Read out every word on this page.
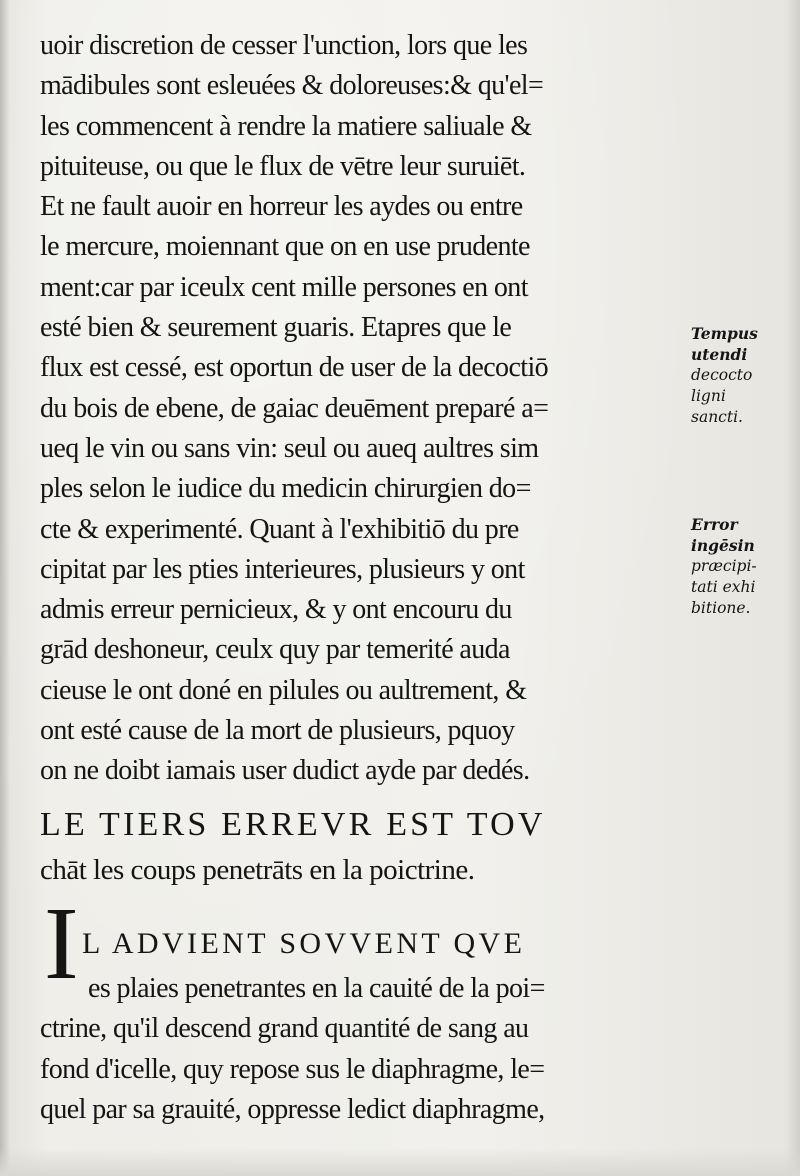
uoir discretion de cesser l'unction, lors que les
mādibules sont esleuées & doloreuses:& qu'el=
les commencent à rendre la matiere saliuale &
pituiteuse, ou que le flux de vētre leur suruiēt.
Et ne fault auoir en horreur les aydes ou entre
le mercure, moiennant que on en use prudente
ment:car par iceulx cent mille persones en ont
esté bien & seurement guaris. Etapres que le
flux est cessé, est oportun de user de la decoctiō
du bois de ebene, de gaiac deuēment preparé a=
ueq le vin ou sans vin: seul ou aueq aultres sim
ples selon le iudice du medicin chirurgien do=
cte & experimenté. Quant à l'exhibitiō du pre
cipitat par les pties interieures, plusieurs y ont
admis erreur pernicieux, & y ont encouru du
grād deshoneur, ceulx quy par temerité auda
cieuse le ont doné en pilules ou aultrement, &
ont esté cause de la mort de plusieurs, pquoy
on ne doibt iamais user dudict ayde par dedés.
Tempus
utendi
decocto
ligni
sancti.
Error
ingēsin
præcipi-
tati exhi
bitione.
LE TIERS ERREVR EST TOV
chāt les coups penetrāts en la poictrine.
I L ADVIENT SOVVENT QVE
es plaies penetrantes en la cauité de la poi=
ctrine, qu'il descend grand quantité de sang au
fond d'icelle, quy repose sus le diaphragme, le=
quel par sa grauité, oppresse ledict diaphragme,
